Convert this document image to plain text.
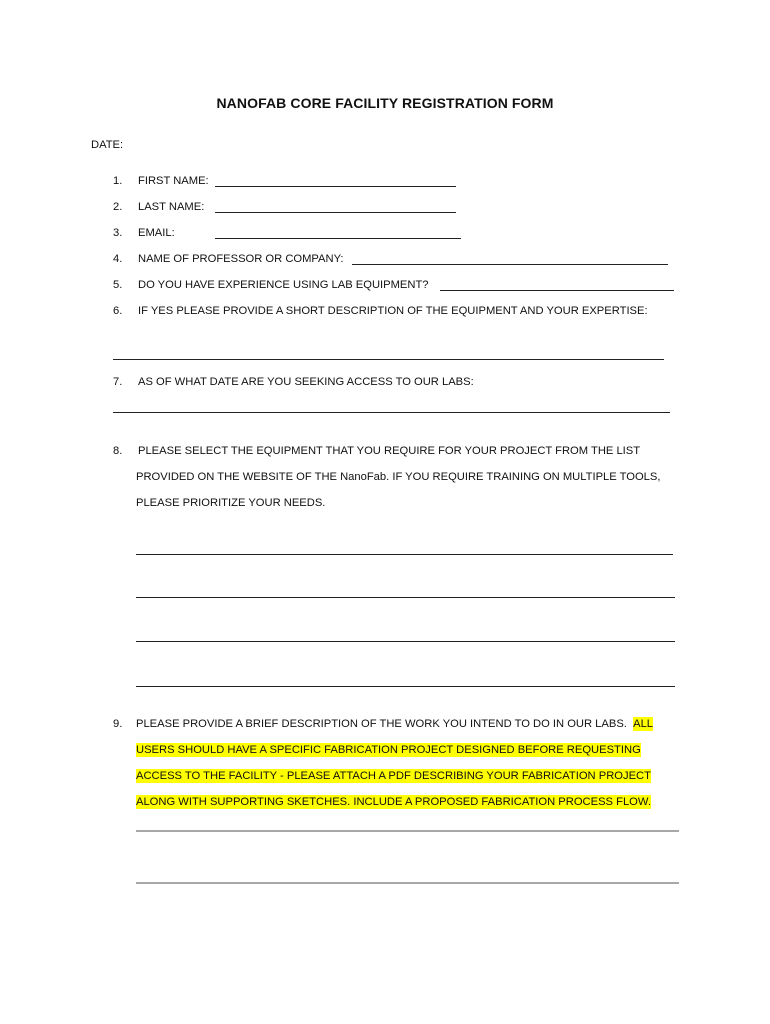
NANOFAB CORE FACILITY REGISTRATION FORM
DATE:
1. FIRST NAME:
2. LAST NAME:
3. EMAIL:
4. NAME OF PROFESSOR OR COMPANY:
5. DO YOU HAVE EXPERIENCE USING LAB EQUIPMENT?
6. IF YES PLEASE PROVIDE A SHORT DESCRIPTION OF THE EQUIPMENT AND YOUR EXPERTISE:
7. AS OF WHAT DATE ARE YOU SEEKING ACCESS TO OUR LABS:
8. PLEASE SELECT THE EQUIPMENT THAT YOU REQUIRE FOR YOUR PROJECT FROM THE LIST
PROVIDED ON THE WEBSITE OF THE NanoFab. IF YOU REQUIRE TRAINING ON MULTIPLE TOOLS,
PLEASE PRIORITIZE YOUR NEEDS.
9. PLEASE PROVIDE A BRIEF DESCRIPTION OF THE WORK YOU INTEND TO DO IN OUR LABS. ALL
USERS SHOULD HAVE A SPECIFIC FABRICATION PROJECT DESIGNED BEFORE REQUESTING
ACCESS TO THE FACILITY - PLEASE ATTACH A PDF DESCRIBING YOUR FABRICATION PROJECT
ALONG WITH SUPPORTING SKETCHES. INCLUDE A PROPOSED FABRICATION PROCESS FLOW.
